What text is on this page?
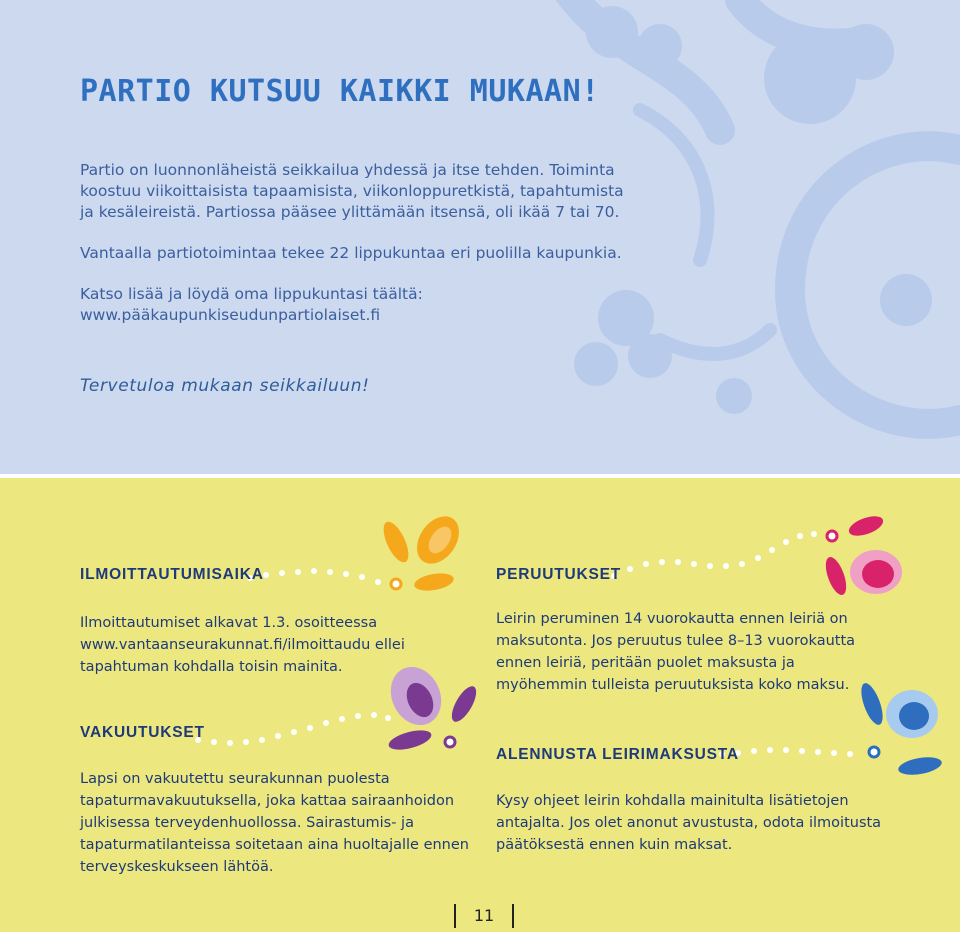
PARTIO KUTSUU KAIKKI MUKAAN!

Partio on luonnonläheistä seikkailua yhdessä ja itse tehden. Toiminta koostuu viikoittaisista tapaamisista, viikonloppuretkistä, tapahtumista ja kesäleireistä. Partiossa pääsee ylittämään itsensä, oli ikää 7 tai 70.

Vantaalla partiotoimintaa tekee 22 lippukuntaa eri puolilla kaupunkia.

Katso lisää ja löydä oma lippukuntasi täältä:
www.pääkaupunkiseudunpartiolaiset.fi

Tervetuloa mukaan seikkailuun!
ILMOITTAUTUMISAIKA

Ilmoittautumiset alkavat 1.3. osoitteessa www.vantaanseurakunnat.fi/ilmoittaudu ellei tapahtuman kohdalla toisin mainita.

VAKUUTUKSET

Lapsi on vakuutettu seurakunnan puolesta tapaturmavakuutuksella, joka kattaa sairaanhoidon julkisessa terveydenhuollossa. Sairastumis- ja tapaturmatilanteissa soitetaan aina huoltajalle ennen terveyskeskukseen lähtöä.

PERUUTUKSET

Leirin peruminen 14 vuorokautta ennen leiriä on maksutonta. Jos peruutus tulee 8–13 vuorokautta ennen leiriä, peritään puolet maksusta ja myöhemmin tulleista peruutuksista koko maksu.

ALENNUSTA LEIRIMAKSUSTA

Kysy ohjeet leirin kohdalla mainitulta lisätietojen antajalta. Jos olet anonut avustusta, odota ilmoitusta päätöksestä ennen kuin maksat.

11
